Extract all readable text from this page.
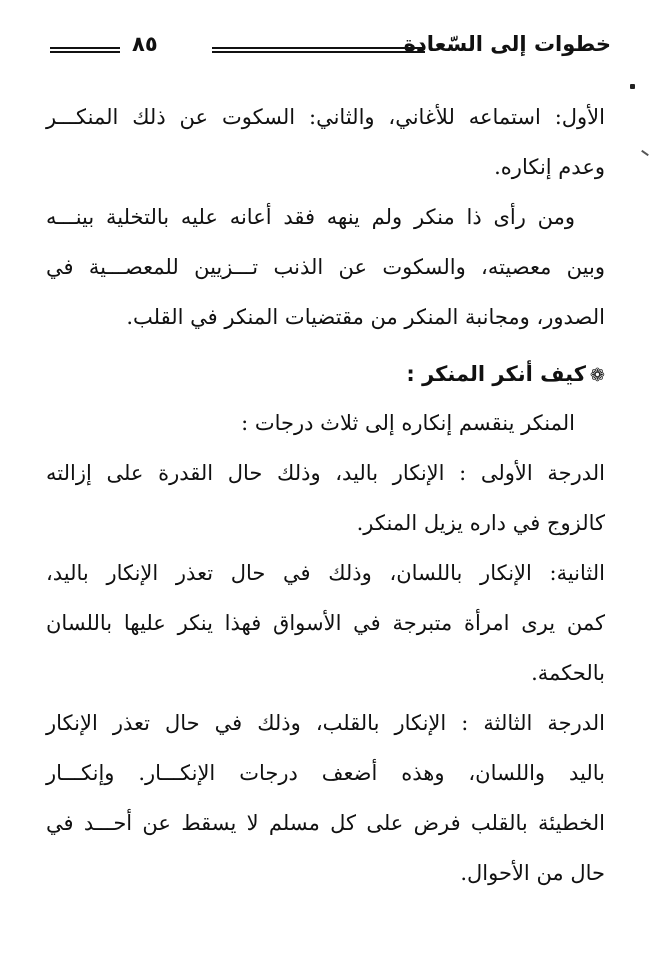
خطوات إلى السّعادة
٨٥
الأول: استماعه للأغاني، والثاني: السكوت عن ذلك المنكـــر
وعدم إنكاره.
ومن رأى ذا منكر ولم ينهه فقد أعانه عليه بالتخلية بينـــه
وبين معصيته، والسكوت عن الذنب تـــزيين للمعصـــية في
الصدور، ومجانبة المنكر من مقتضيات المنكر في القلب.
❁كيف أنكر المنكر :
المنكر ينقسم إنكاره إلى ثلاث درجات :
الدرجة الأولى : الإنكار باليد، وذلك حال القدرة على إزالته
كالزوج في داره يزيل المنكر.
الثانية: الإنكار باللسان، وذلك في حال تعذر الإنكار باليد،
كمن يرى امرأة متبرجة في الأسواق فهذا ينكر عليها باللسان
بالحكمة.
الدرجة الثالثة : الإنكار بالقلب، وذلك في حال تعذر الإنكار
باليد واللسان، وهذه أضعف درجات الإنكـــار. وإنكـــار
الخطيئة بالقلب فرض على كل مسلم لا يسقط عن أحـــد في
حال من الأحوال.
